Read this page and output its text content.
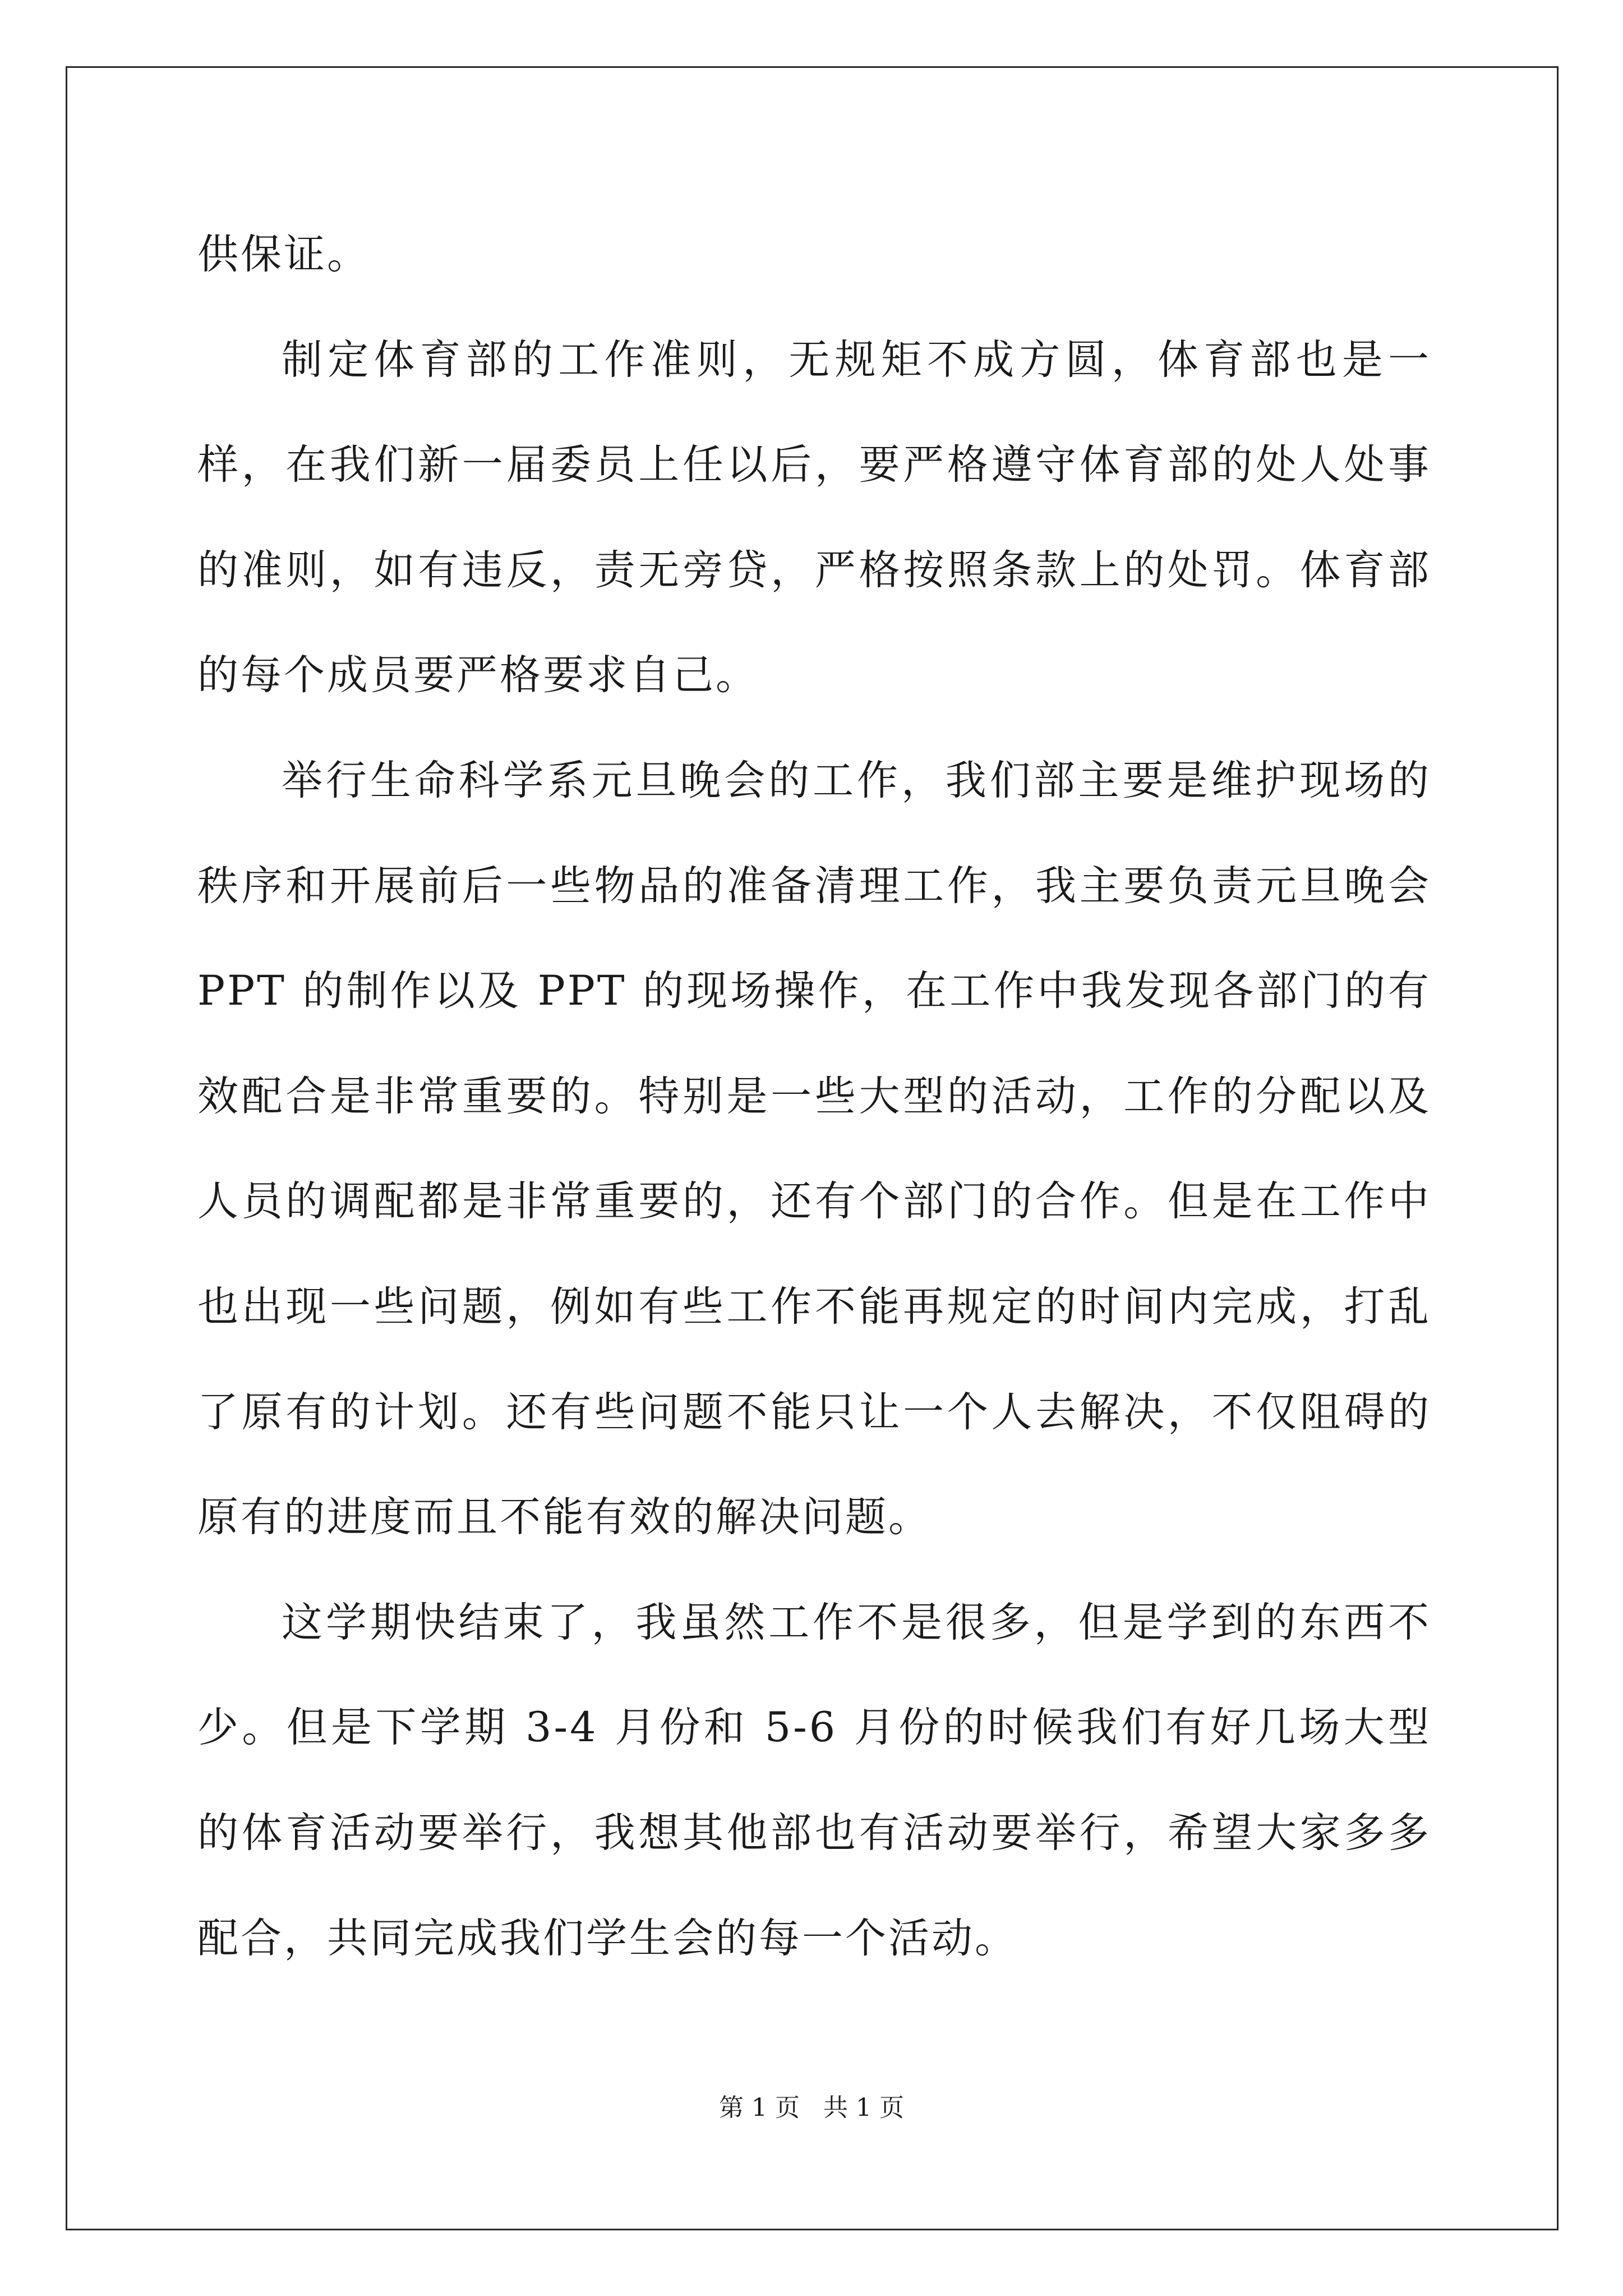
供保证。

制定体育部的工作准则，无规矩不成方圆，体育部也是一样，在我们新一届委员上任以后，要严格遵守体育部的处人处事的准则，如有违反，责无旁贷，严格按照条款上的处罚。体育部的每个成员要严格要求自己。

举行生命科学系元旦晚会的工作，我们部主要是维护现场的秩序和开展前后一些物品的准备清理工作，我主要负责元旦晚会 PPT 的制作以及 PPT 的现场操作，在工作中我发现各部门的有效配合是非常重要的。特别是一些大型的活动，工作的分配以及人员的调配都是非常重要的，还有个部门的合作。但是在工作中也出现一些问题，例如有些工作不能再规定的时间内完成，打乱了原有的计划。还有些问题不能只让一个人去解决，不仅阻碍的原有的进度而且不能有效的解决问题。

这学期快结束了，我虽然工作不是很多，但是学到的东西不少。但是下学期 3-4 月份和 5-6 月份的时候我们有好几场大型的体育活动要举行，我想其他部也有活动要举行，希望大家多多配合，共同完成我们学生会的每一个活动。

第 1 页   共 1 页
